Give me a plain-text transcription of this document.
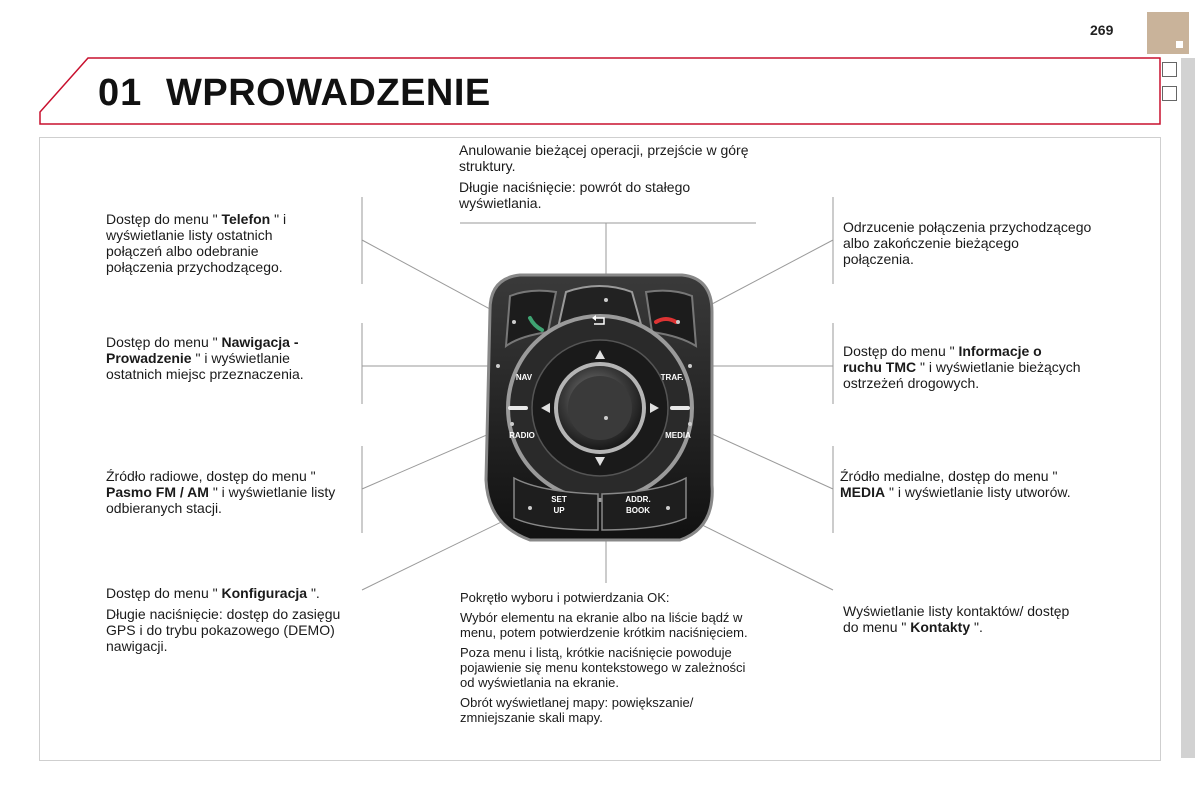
269
01 WPROWADZENIE
NAV	TRAF.
RADIO	MEDIA
SET
UP
ADDR.
BOOK

Anulowanie bieżącej operacji, przejście w górę struktury.

Długie naciśnięcie: powrót do stałego wyświetlania.

Dostęp do menu " Telefon " i wyświetlanie listy ostatnich połączeń albo odebranie połączenia przychodzącego.
Odrzucenie połączenia przychodzącego albo zakończenie bieżącego połączenia.
Dostęp do menu " Nawigacja - Prowadzenie " i wyświetlanie ostatnich miejsc przeznaczenia.
Dostęp do menu " Informacje o ruchu TMC " i wyświetlanie bieżących ostrzeżeń drogowych.
Źródło radiowe, dostęp do menu " Pasmo FM / AM " i wyświetlanie listy odbieranych stacji.
Źródło medialne, dostęp do menu " MEDIA " i wyświetlanie listy utworów.

Dostęp do menu " Konfiguracja ".

Długie naciśnięcie: dostęp do zasięgu GPS i do trybu pokazowego (DEMO) nawigacji.

Pokrętło wyboru i potwierdzania OK:

Wybór elementu na ekranie albo na liście bądź w menu, potem potwierdzenie krótkim naciśnięciem.

Poza menu i listą, krótkie naciśnięcie powoduje pojawienie się menu kontekstowego w zależności od wyświetlania na ekranie.

Obrót wyświetlanej mapy: powiększanie/ zmniejszanie skali mapy.

Wyświetlanie listy kontaktów/ dostęp do menu " Kontakty ".
